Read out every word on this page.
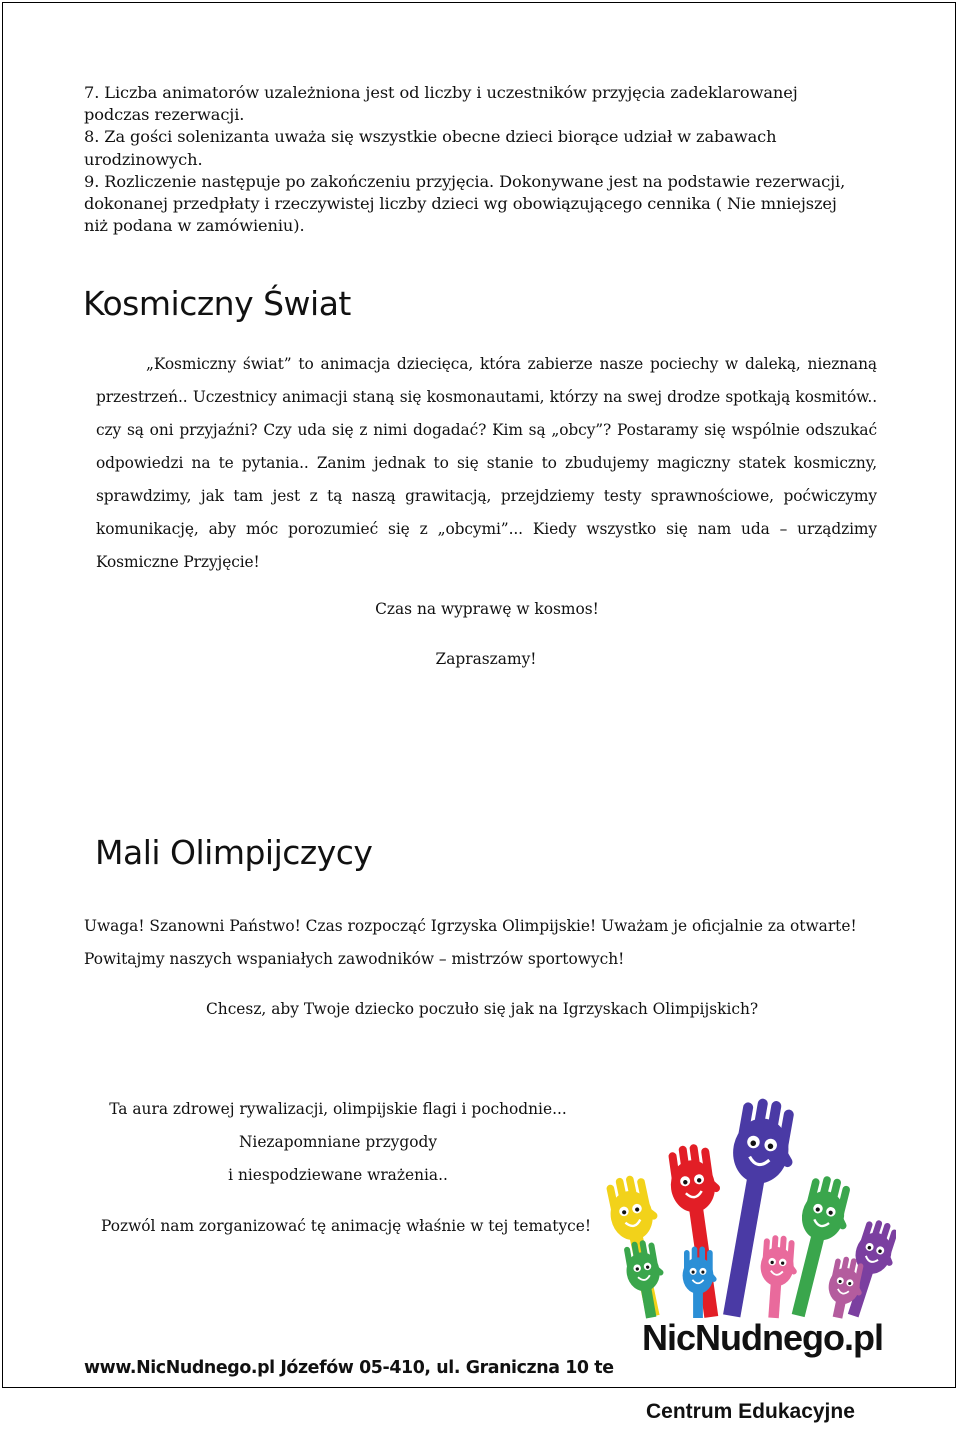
7. Liczba animatorów uzależniona jest od liczby i uczestników przyjęcia zadeklarowanej podczas rezerwacji.

8. Za gości solenizanta uważa się wszystkie obecne dzieci biorące udział w zabawach urodzinowych.

9. Rozliczenie następuje po zakończeniu przyjęcia. Dokonywane jest na podstawie rezerwacji, dokonanej przedpłaty i rzeczywistej liczby dzieci wg obowiązującego cennika ( Nie mniejszej niż podana w zamówieniu).

Kosmiczny Świat
„Kosmiczny świat” to animacja dziecięca, która zabierze nasze pociechy w daleką, nieznaną przestrzeń.. Uczestnicy animacji staną się kosmonautami, którzy na swej drodze spotkają kosmitów.. czy są oni przyjaźni? Czy uda się z nimi dogadać? Kim są „obcy”? Postaramy się wspólnie odszukać odpowiedzi na te pytania.. Zanim jednak to się stanie to zbudujemy magiczny statek kosmiczny, sprawdzimy, jak tam jest z tą naszą grawitacją, przejdziemy testy sprawnościowe, poćwiczymy komunikację, aby móc porozumieć się z „obcymi”... Kiedy wszystko się nam uda – urządzimy Kosmiczne Przyjęcie!
Czas na wyprawę w kosmos!
Zapraszamy!
Mali Olimpijczycy
Uwaga! Szanowni Państwo! Czas rozpocząć Igrzyska Olimpijskie! Uważam je oficjalnie za otwarte!
Powitajmy naszych wspaniałych zawodników – mistrzów sportowych!
Chcesz, aby Twoje dziecko poczuło się jak na Igrzyskach Olimpijskich?
Ta aura zdrowej rywalizacji, olimpijskie flagi i pochodnie...
Niezapomniane przygody
i niespodziewane wrażenia..
Pozwól nam zorganizować tę animację właśnie w tej tematyce!
www.NicNudnego.pl Józefów 05-410, ul. Graniczna 10 te
NicNudnego.pl
Centrum Edukacyjne
